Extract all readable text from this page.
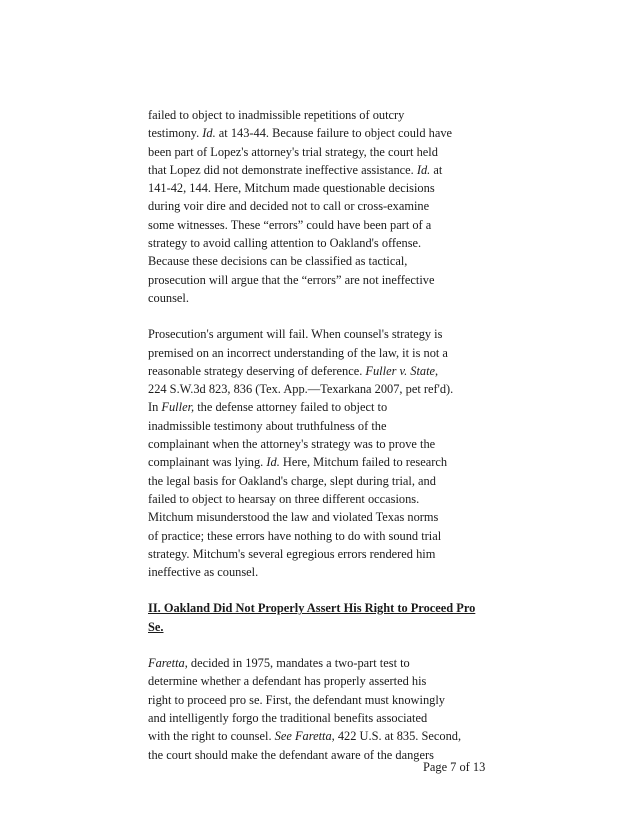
failed to object to inadmissible repetitions of outcry
testimony. Id. at 143-44. Because failure to object could have
been part of Lopez's attorney's trial strategy, the court held
that Lopez did not demonstrate ineffective assistance. Id. at
141-42, 144. Here, Mitchum made questionable decisions
during voir dire and decided not to call or cross-examine
some witnesses. These “errors” could have been part of a
strategy to avoid calling attention to Oakland's offense.
Because these decisions can be classified as tactical,
prosecution will argue that the “errors” are not ineffective
counsel.
Prosecution's argument will fail. When counsel's strategy is
premised on an incorrect understanding of the law, it is not a
reasonable strategy deserving of deference. Fuller v. State,
224 S.W.3d 823, 836 (Tex. App.—Texarkana 2007, pet ref'd).
In Fuller, the defense attorney failed to object to
inadmissible testimony about truthfulness of the
complainant when the attorney's strategy was to prove the
complainant was lying. Id. Here, Mitchum failed to research
the legal basis for Oakland's charge, slept during trial, and
failed to object to hearsay on three different occasions.
Mitchum misunderstood the law and violated Texas norms
of practice; these errors have nothing to do with sound trial
strategy. Mitchum's several egregious errors rendered him
ineffective as counsel.
II. Oakland Did Not Properly Assert His Right to Proceed Pro
Se.
Faretta, decided in 1975, mandates a two-part test to
determine whether a defendant has properly asserted his
right to proceed pro se. First, the defendant must knowingly
and intelligently forgo the traditional benefits associated
with the right to counsel. See Faretta, 422 U.S. at 835. Second,
the court should make the defendant aware of the dangers
Page 7 of 13
